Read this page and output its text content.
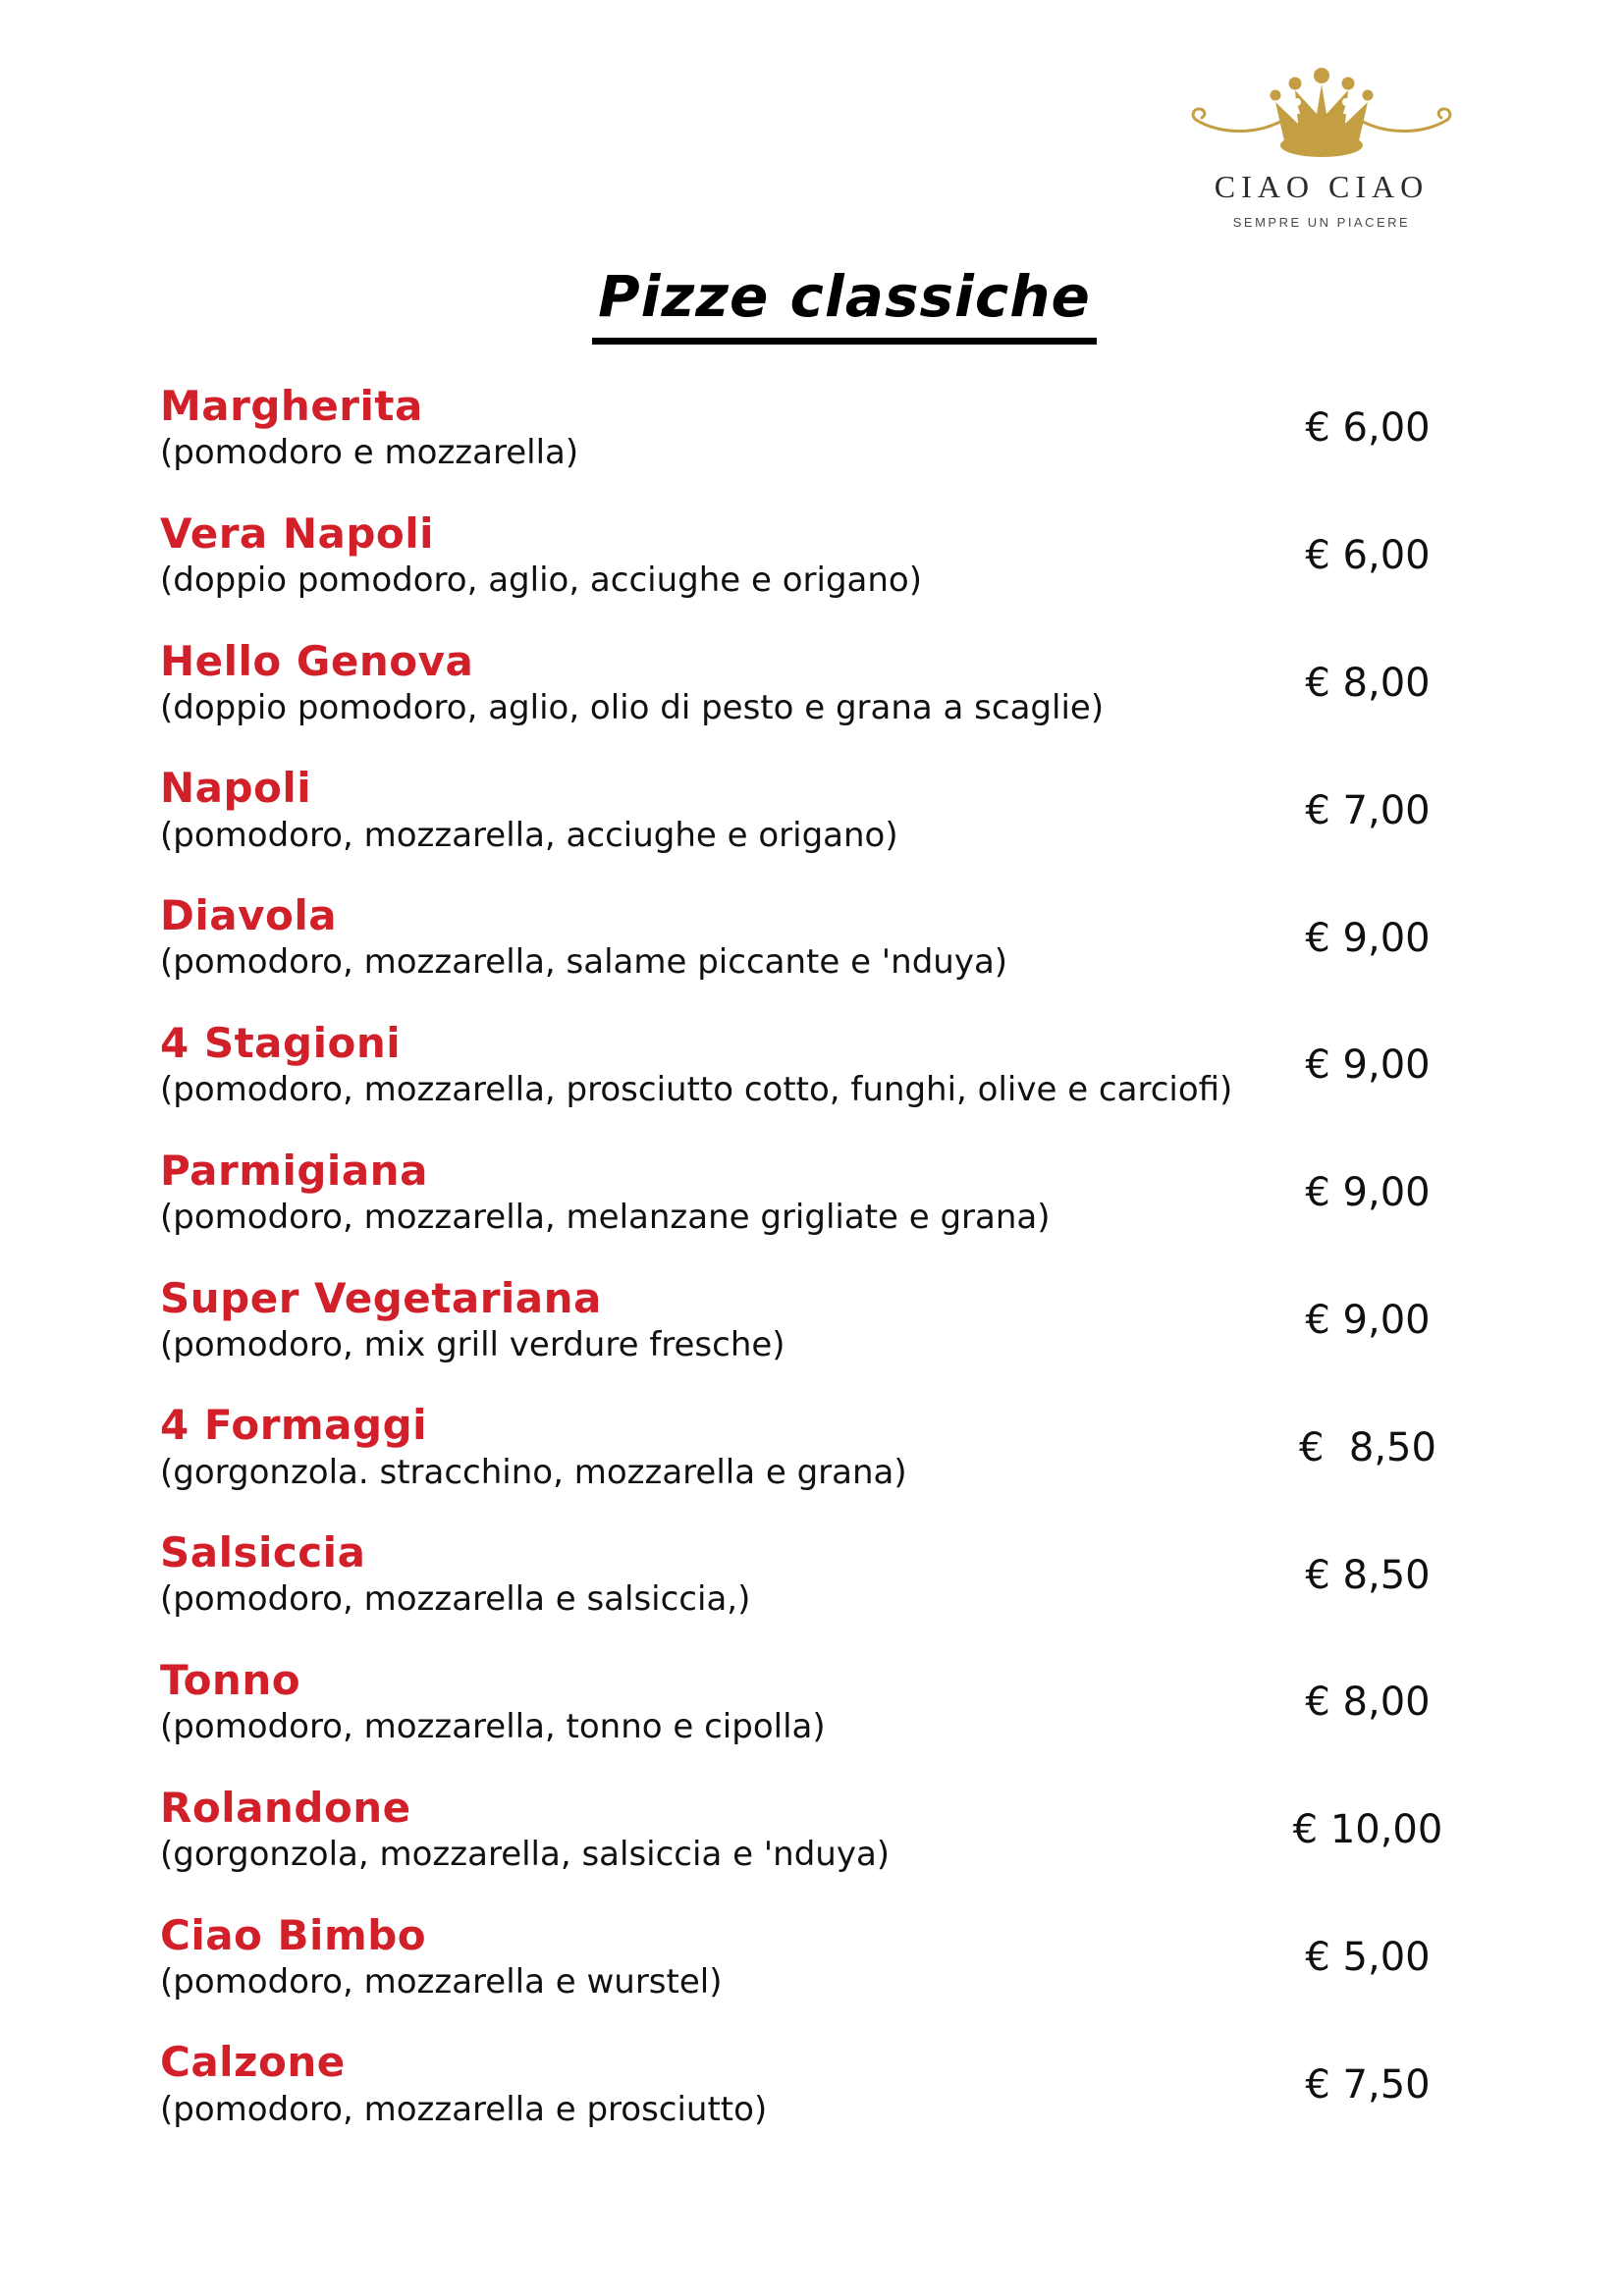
CIAO CIAO
SEMPRE UN PIACERE
Pizze classiche
Margherita
(pomodoro e mozzarella)
€ 6,00
Vera Napoli
(doppio pomodoro, aglio, acciughe e origano)
€ 6,00
Hello Genova
(doppio pomodoro, aglio, olio di pesto e grana a scaglie)
€ 8,00
Napoli
(pomodoro, mozzarella, acciughe e origano)
€ 7,00
Diavola
(pomodoro, mozzarella, salame piccante e 'nduya)
€ 9,00
4 Stagioni
(pomodoro, mozzarella, prosciutto cotto, funghi, olive e carciofi)
€ 9,00
Parmigiana
(pomodoro, mozzarella, melanzane grigliate e grana)
€ 9,00
Super Vegetariana
(pomodoro, mix grill verdure fresche)
€ 9,00
4 Formaggi
(gorgonzola. stracchino, mozzarella e grana)
€  8,50
Salsiccia
(pomodoro, mozzarella e salsiccia,)
€ 8,50
Tonno
(pomodoro, mozzarella, tonno e cipolla)
€ 8,00
Rolandone
(gorgonzola, mozzarella, salsiccia e 'nduya)
€ 10,00
Ciao Bimbo
(pomodoro, mozzarella e wurstel)
€ 5,00
Calzone
(pomodoro, mozzarella e prosciutto)
€ 7,50
